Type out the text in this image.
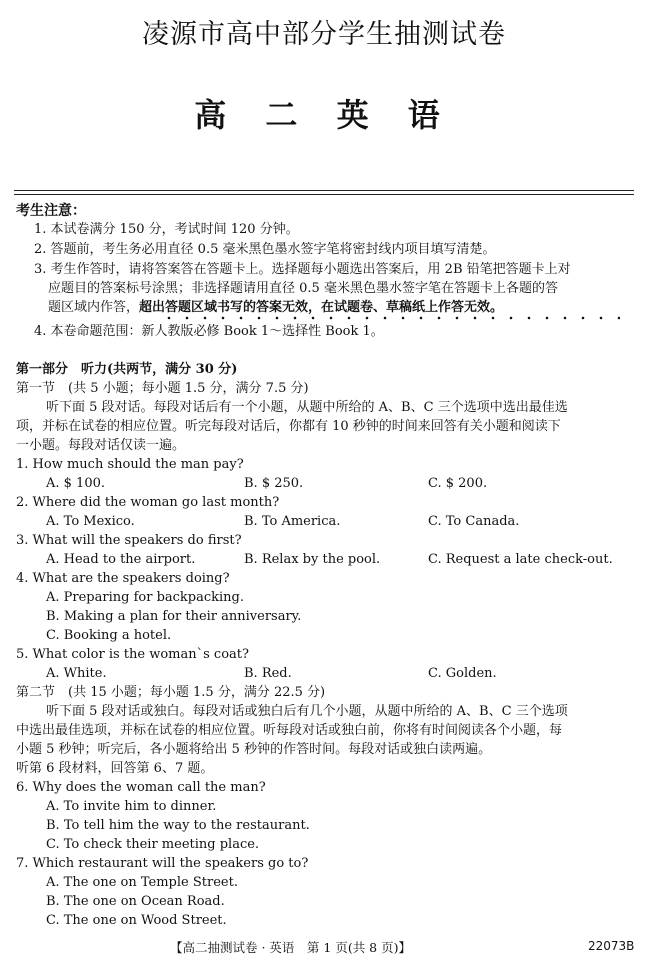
凌源市高中部分学生抽测试卷
高 二 英 语
考生注意：
1. 本试卷满分 150 分，考试时间 120 分钟。
2. 答题前，考生务必用直径 0.5 毫米黑色墨水签字笔将密封线内项目填写清楚。
3. 考生作答时，请将答案答在答题卡上。选择题每小题选出答案后，用 2B 铅笔把答题卡上对
应题目的答案标号涂黑；非选择题请用直径 0.5 毫米黑色墨水签字笔在答题卡上各题的答
题区域内作答，超出答题区域书写的答案无效，在试题卷、草稿纸上作答无效。
4. 本卷命题范围：新人教版必修 Book 1～选择性 Book 1。
第一部分　听力(共两节，满分 30 分)
第一节　(共 5 小题；每小题 1.5 分，满分 7.5 分)
听下面 5 段对话。每段对话后有一个小题，从题中所给的 A、B、C 三个选项中选出最佳选
项，并标在试卷的相应位置。听完每段对话后，你都有 10 秒钟的时间来回答有关小题和阅读下
一小题。每段对话仅读一遍。
1. How much should the man pay?
A. $ 100.	B. $ 250.	C. $ 200.
2. Where did the woman go last month?
A. To Mexico.	B. To America.	C. To Canada.
3. What will the speakers do first?
A. Head to the airport.	B. Relax by the pool.	C. Request a late check-out.
4. What are the speakers doing?
A. Preparing for backpacking.
B. Making a plan for their anniversary.
C. Booking a hotel.
5. What color is the woman`s coat?
A. White.	B. Red.	C. Golden.
第二节　(共 15 小题；每小题 1.5 分，满分 22.5 分)
听下面 5 段对话或独白。每段对话或独白后有几个小题，从题中所给的 A、B、C 三个选项
中选出最佳选项，并标在试卷的相应位置。听每段对话或独白前，你将有时间阅读各个小题，每
小题 5 秒钟；听完后，各小题将给出 5 秒钟的作答时间。每段对话或独白读两遍。
听第 6 段材料，回答第 6、7 题。
6. Why does the woman call the man?
A. To invite him to dinner.
B. To tell him the way to the restaurant.
C. To check their meeting place.
7. Which restaurant will the speakers go to?
A. The one on Temple Street.
B. The one on Ocean Road.
C. The one on Wood Street.
【高二抽测试卷 · 英语　第 1 页(共 8 页)】	22073B
